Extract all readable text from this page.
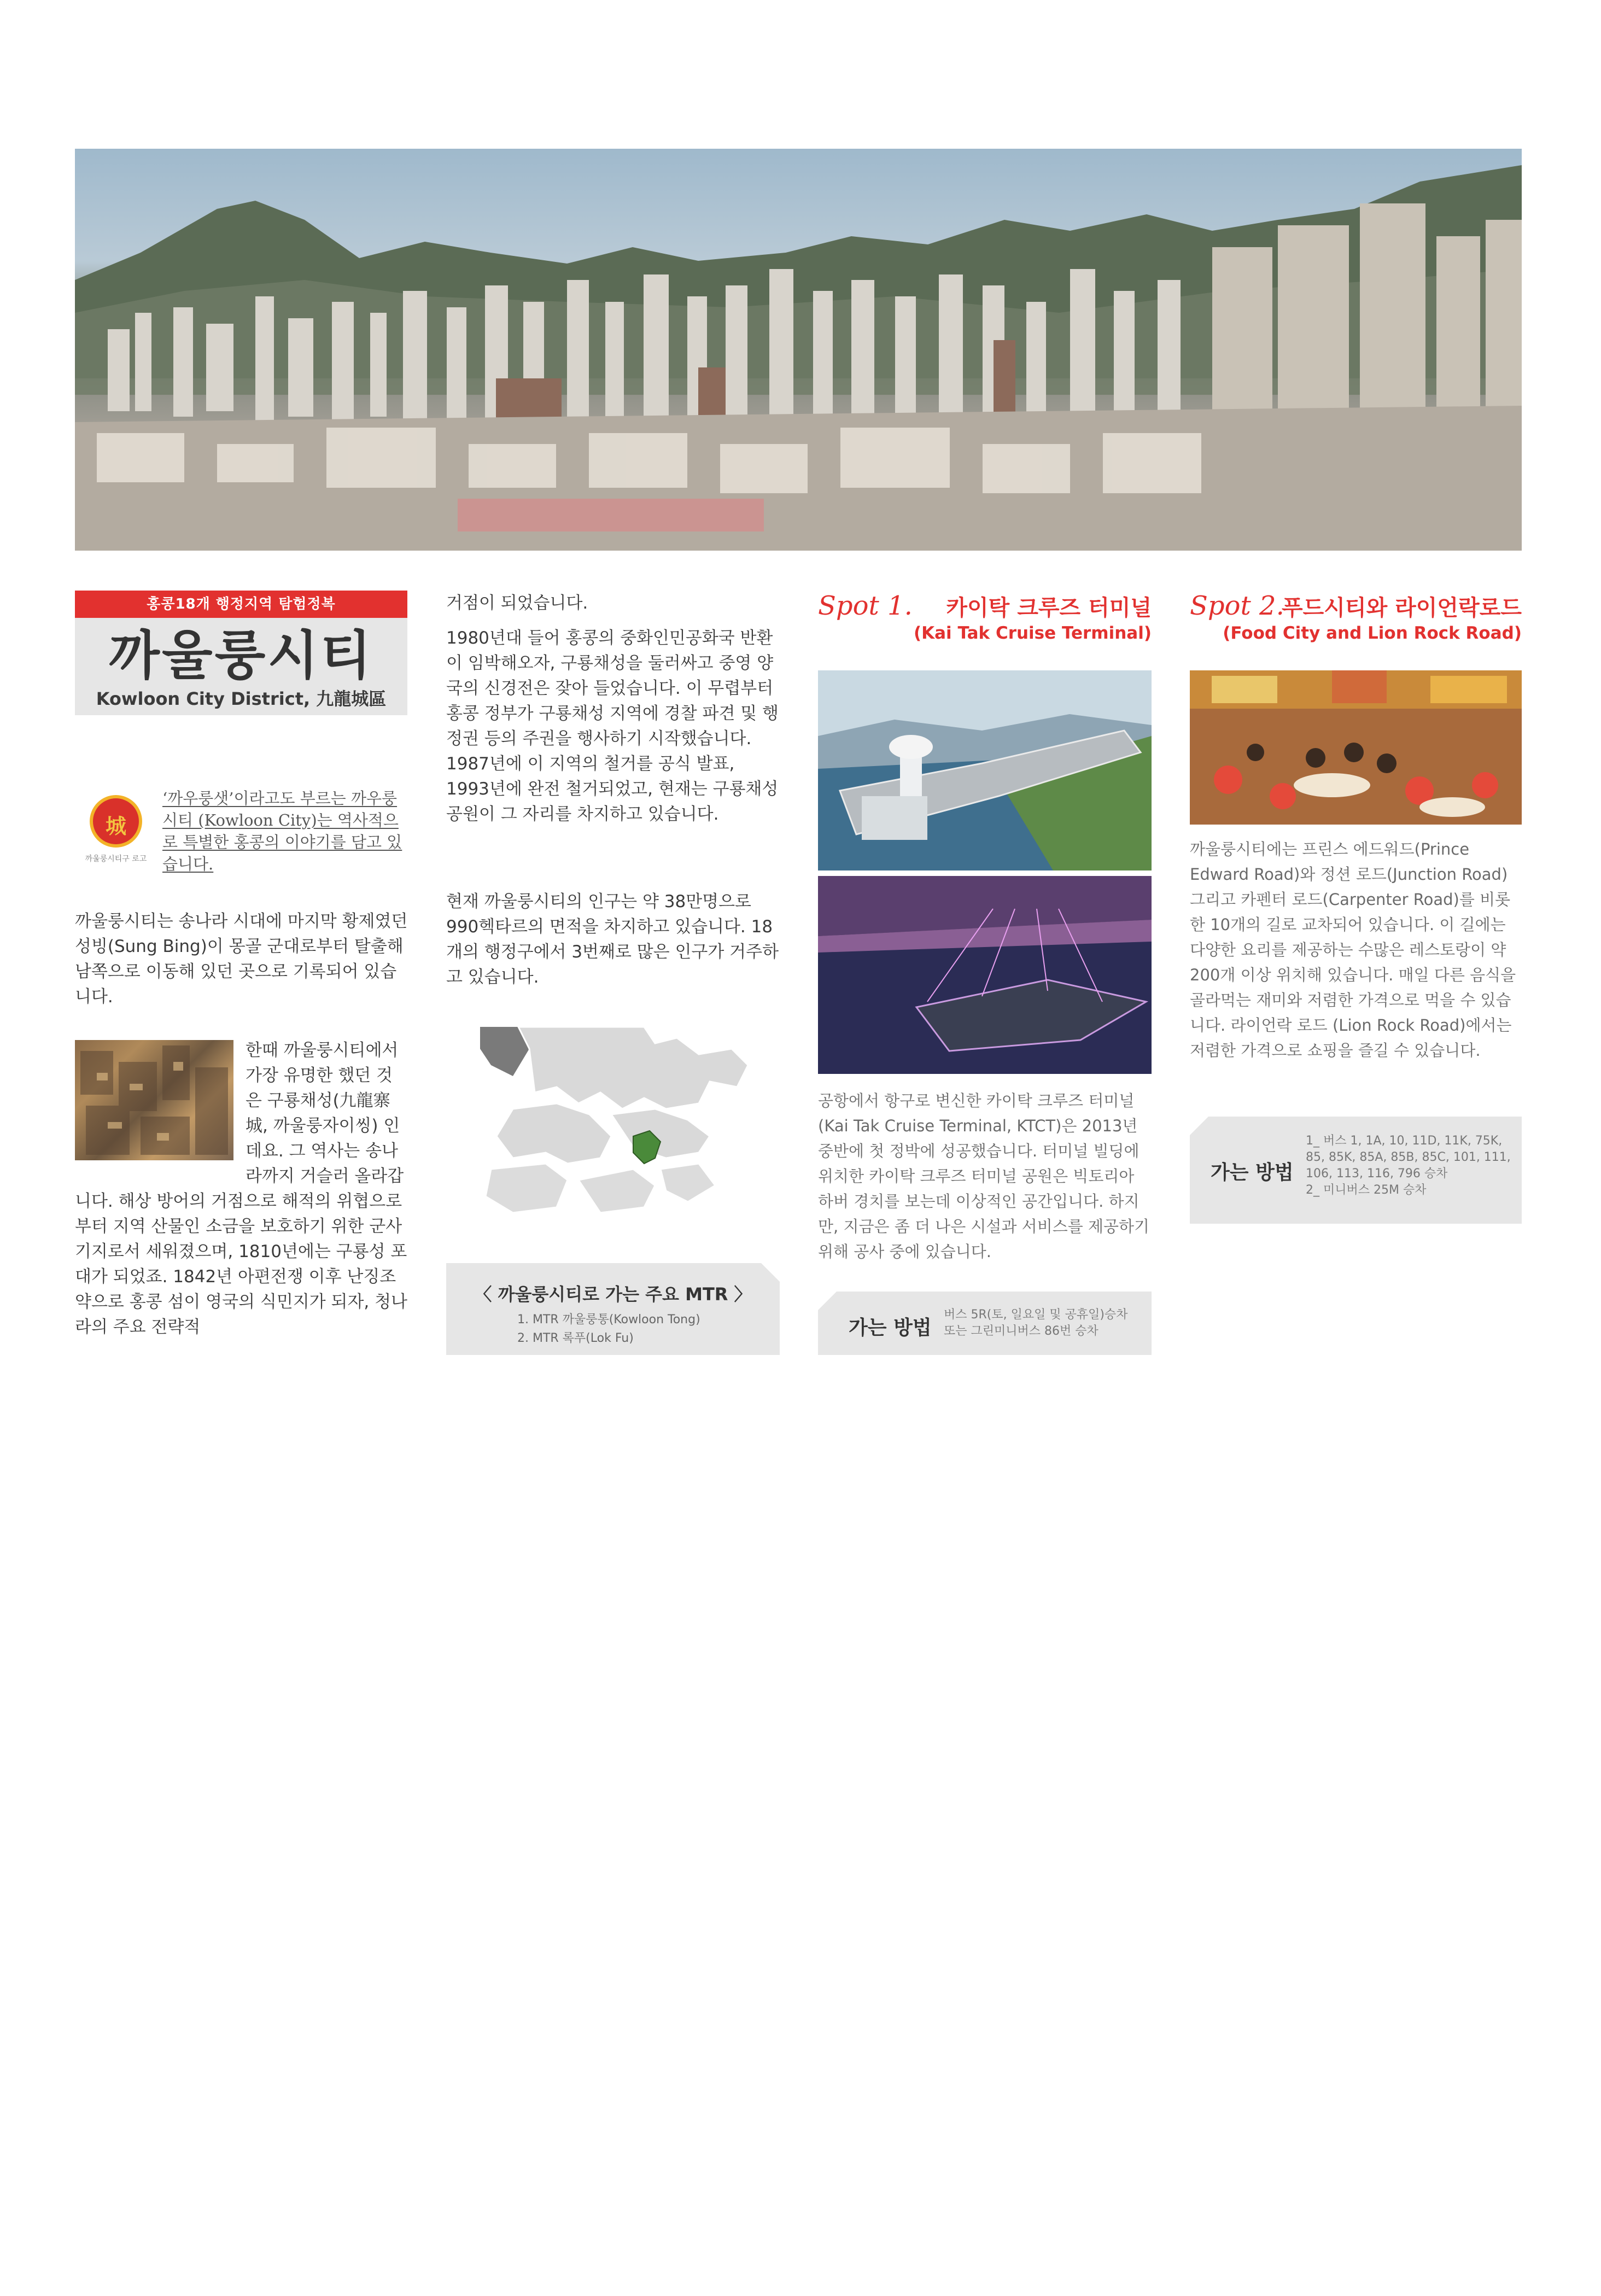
홍콩18개 행정지역 탐험정복
까울룽시티
Kowloon City District, 九龍城區
城
까울룽시티구 로고
‘까우룽샛’이라고도 부르는 까우룽시티 (Kowloon City)는 역사적으로 특별한 홍콩의 이야기를 담고 있습니다.
까울룽시티는 송나라 시대에 마지막 황제였던 성빙(Sung Bing)이 몽골 군대로부터 탈출해 남쪽으로 이동해 있던 곳으로 기록되어 있습니다.
한때 까울룽시티에서 가장 유명한 했던 것은 구룡채성(九龍寨城, 까울룽자이씽) 인데요. 그 역사는 송나라까지 거슬러 올라갑니다. 해상 방어의 거점으로 해적의 위협으로부터 지역 산물인 소금을 보호하기 위한 군사기지로서 세워졌으며, 1810년에는 구룡성 포대가 되었죠. 1842년 아편전쟁 이후 난징조약으로 홍콩 섬이 영국의 식민지가 되자, 청나라의 주요 전략적
거점이 되었습니다.
1980년대 들어 홍콩의 중화인민공화국 반환이 임박해오자, 구룡채성을 둘러싸고 중영 양국의 신경전은 잦아 들었습니다. 이 무렵부터 홍콩 정부가 구룡채성 지역에 경찰 파견 및 행정권 등의 주권을 행사하기 시작했습니다. 1987년에 이 지역의 철거를 공식 발표, 1993년에 완전 철거되었고, 현재는 구룡채성 공원이 그 자리를 차지하고 있습니다.
현재 까울룽시티의 인구는 약 38만명으로 990헥타르의 면적을 차지하고 있습니다. 18개의 행정구에서 3번째로 많은 인구가 거주하고 있습니다.
〈 까울룽시티로 가는 주요 MTR 〉
1. MTR 까울룽통(Kowloon Tong)
2. MTR 록푸(Lok Fu)
Spot 1. 카이탁 크루즈 터미널
(Kai Tak Cruise Terminal)
공항에서 항구로 변신한 카이탁 크루즈 터미널 (Kai Tak Cruise Terminal, KTCT)은 2013년 중반에 첫 정박에 성공했습니다. 터미널 빌딩에 위치한 카이탁 크루즈 터미널 공원은 빅토리아 하버 경치를 보는데 이상적인 공간입니다. 하지만, 지금은 좀 더 나은 시설과 서비스를 제공하기 위해 공사 중에 있습니다.
가는 방법
버스 5R(토, 일요일 및 공휴일)승차
또는 그린미니버스 86번 승차
Spot 2.
푸드시티와 라이언락로드
(Food City and Lion Rock Road)
까울룽시티에는 프린스 에드워드(Prince Edward Road)와 정션 로드(Junction Road) 그리고 카펜터 로드(Carpenter Road)를 비롯한 10개의 길로 교차되어 있습니다. 이 길에는 다양한 요리를 제공하는 수많은 레스토랑이 약 200개 이상 위치해 있습니다. 매일 다른 음식을 골라먹는 재미와 저렴한 가격으로 먹을 수 있습니다. 라이언락 로드 (Lion Rock Road)에서는 저렴한 가격으로 쇼핑을 즐길 수 있습니다.
가는 방법
1_ 버스 1, 1A, 10, 11D, 11K, 75K, 85, 85K, 85A, 85B, 85C, 101, 111, 106, 113, 116, 796 승차
2_ 미니버스 25M 승차
